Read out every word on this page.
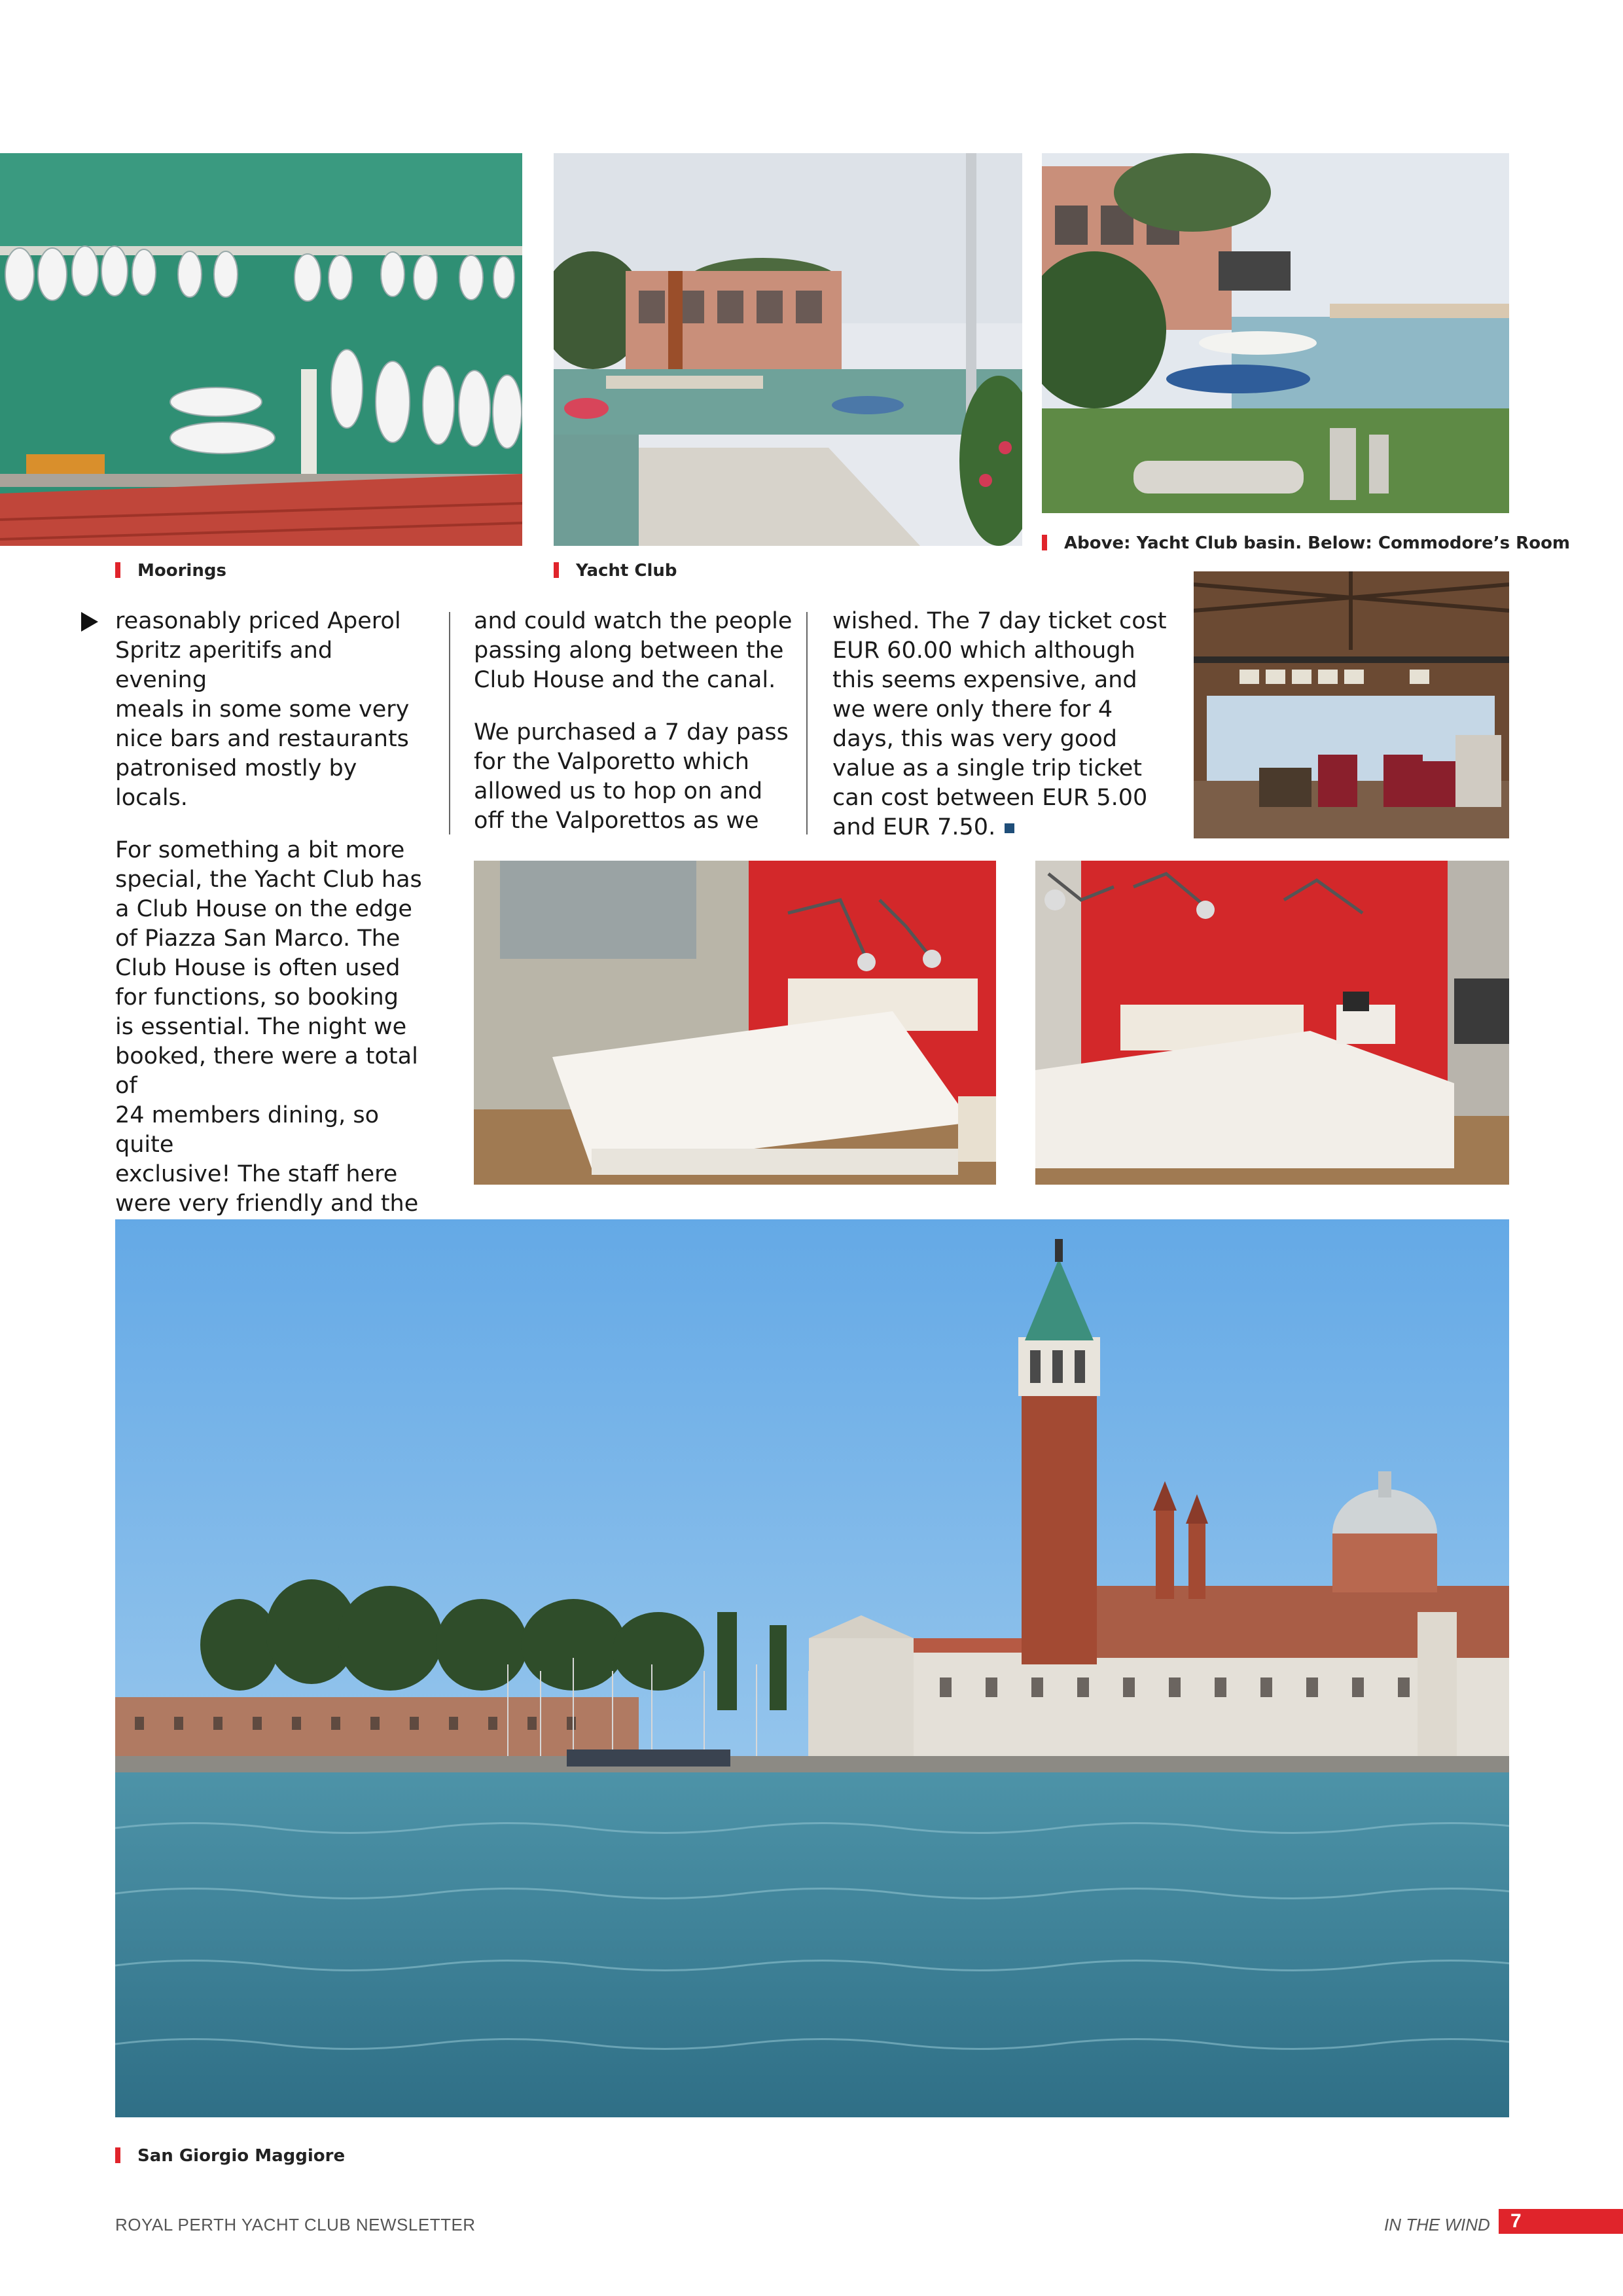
Moorings	Yacht Club
Above: Yacht Club basin. Below: Commodore’s Room

reasonably priced Aperol
Spritz aperitifs and evening
meals in some some very
nice bars and restaurants
patronised mostly by locals.

For something a bit more
special, the Yacht Club has
a Club House on the edge
of Piazza San Marco. The
Club House is often used
for functions, so booking
is essential. The night we
booked, there were a total of
24 members dining, so quite
exclusive! The staff here
were very friendly and the

and could watch the people
passing along between the
Club House and the canal.

We purchased a 7 day pass
for the Valporetto which
allowed us to hop on and
off the Valporettos as we

wished. The 7 day ticket cost
EUR 60.00 which although
this seems expensive, and
we were only there for 4
days, this was very good
value as a single trip ticket
can cost between EUR 5.00
and EUR 7.50.

San Giorgio Maggiore
ROYAL PERTH YACHT CLUB NEWSLETTER	IN THE WIND 7
